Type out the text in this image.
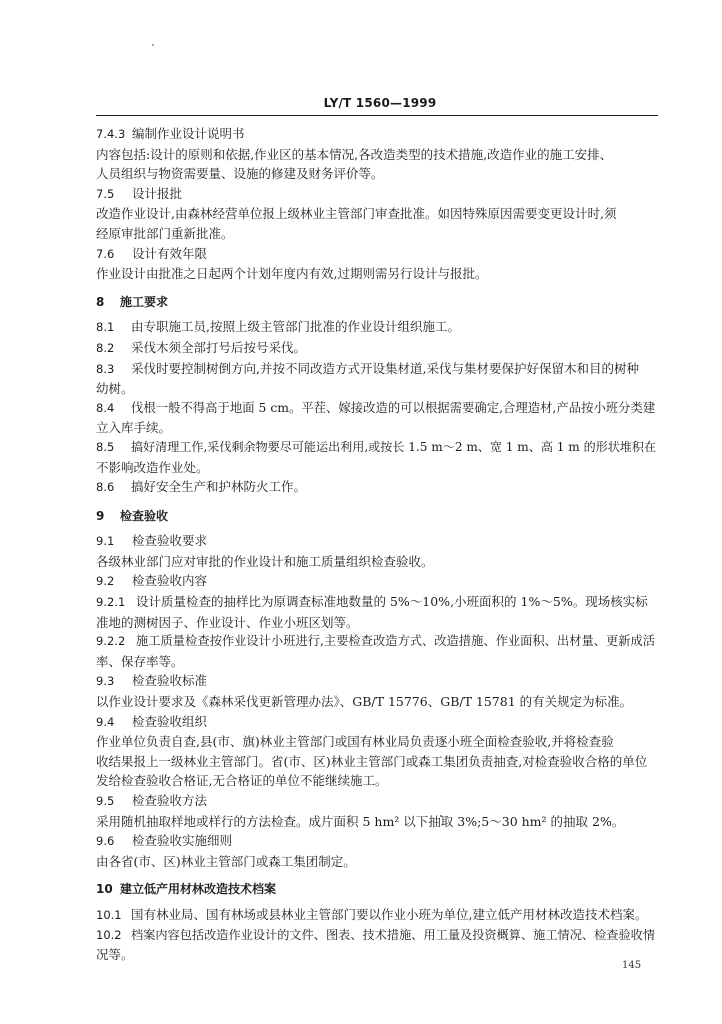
LY/T 1560—1999

7.4.3 编制作业设计说明书

内容包括:设计的原则和依据,作业区的基本情况,各改造类型的技术措施,改造作业的施工安排、

人员组织与物资需要量、设施的修建及财务评价等。

7.5 设计报批

改造作业设计,由森林经营单位报上级林业主管部门审查批准。如因特殊原因需要变更设计时,须

经原审批部门重新批准。

7.6 设计有效年限

作业设计由批准之日起两个计划年度内有效,过期则需另行设计与报批。

8 施工要求

8.1 由专职施工员,按照上级主管部门批准的作业设计组织施工。

8.2 采伐木须全部打号后按号采伐。

8.3 采伐时要控制树倒方向,并按不同改造方式开设集材道,采伐与集材要保护好保留木和目的树种

幼树。

8.4 伐根一般不得高于地面 5 cm。平茬、嫁接改造的可以根据需要确定,合理造材,产品按小班分类建

立入库手续。

8.5 搞好清理工作,采伐剩余物要尽可能运出利用,或按长 1.5 m～2 m、宽 1 m、高 1 m 的形状堆积在

不影响改造作业处。

8.6 搞好安全生产和护林防火工作。

9 检查验收

9.1 检查验收要求

各级林业部门应对审批的作业设计和施工质量组织检查验收。

9.2 检查验收内容

9.2.1 设计质量检查的抽样比为原调查标准地数量的 5%～10%,小班面积的 1%～5%。现场核实标

准地的测树因子、作业设计、作业小班区划等。

9.2.2 施工质量检查按作业设计小班进行,主要检查改造方式、改造措施、作业面积、出材量、更新成活

率、保存率等。

9.3 检查验收标准

以作业设计要求及《森林采伐更新管理办法》、GB/T 15776、GB/T 15781 的有关规定为标准。

9.4 检查验收组织

作业单位负责自查,县(市、旗)林业主管部门或国有林业局负责逐小班全面检查验收,并将检查验

收结果报上一级林业主管部门。省(市、区)林业主管部门或森工集团负责抽查,对检查验收合格的单位

发给检查验收合格证,无合格证的单位不能继续施工。

9.5 检查验收方法

采用随机抽取样地或样行的方法检查。成片面积 5 hm² 以下抽取 3%;5～30 hm² 的抽取 2%。

9.6 检查验收实施细则

由各省(市、区)林业主管部门或森工集团制定。

10 建立低产用材林改造技术档案

10.1 国有林业局、国有林场或县林业主管部门要以作业小班为单位,建立低产用材林改造技术档案。

10.2 档案内容包括改造作业设计的文件、图表、技术措施、用工量及投资概算、施工情况、检查验收情

况等。

145
